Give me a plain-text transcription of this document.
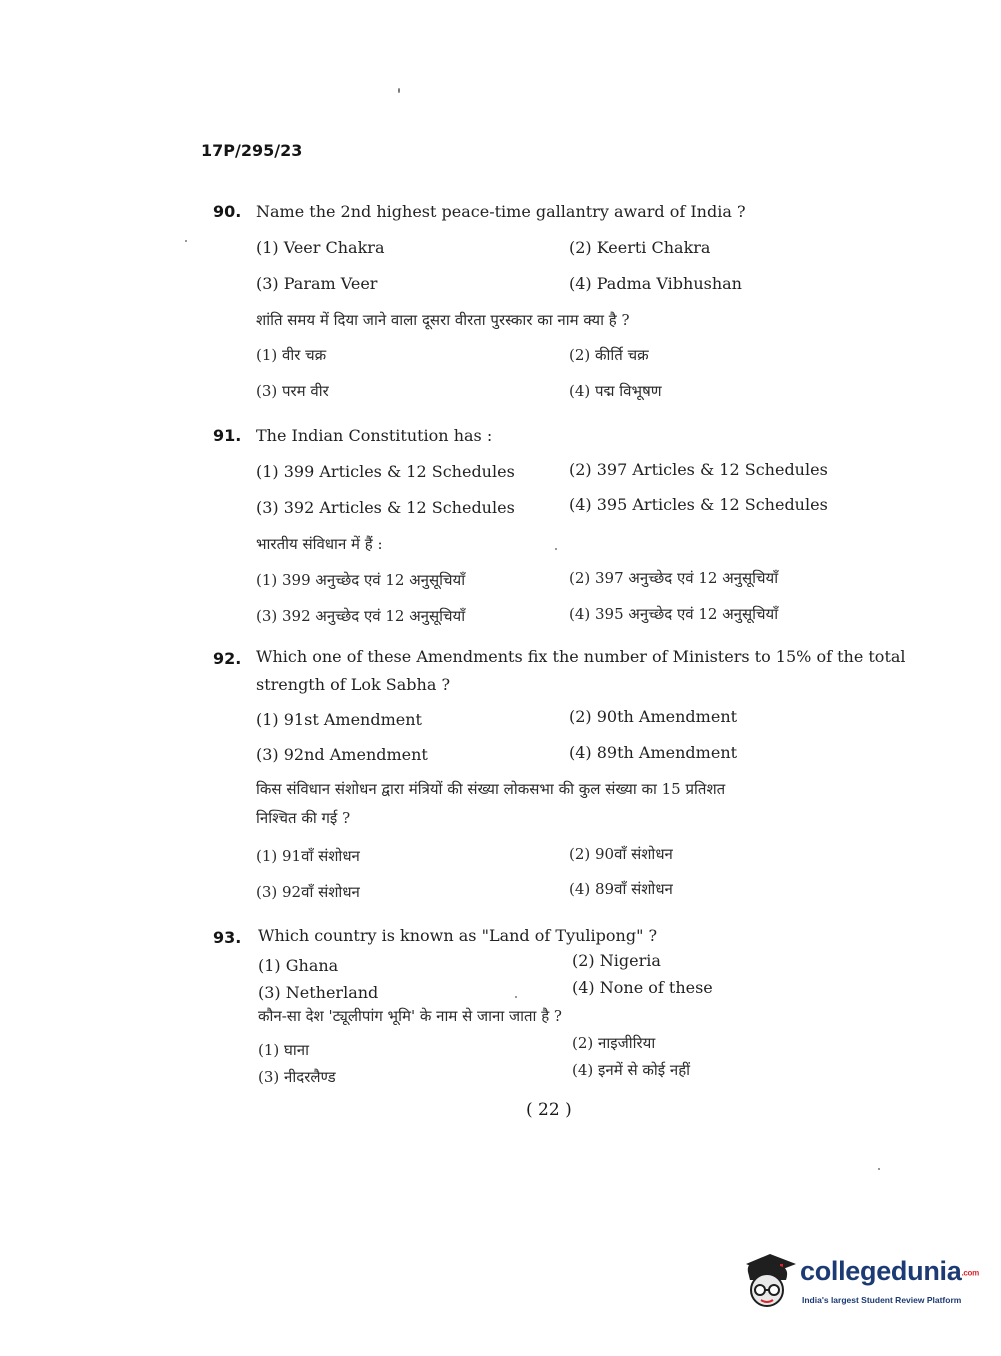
17P/295/23
90. Name the 2nd highest peace-time gallantry award of India ?
(1) Veer Chakra	(2) Keerti Chakra
(3) Param Veer	(4) Padma Vibhushan
शांति समय में दिया जाने वाला दूसरा वीरता पुरस्कार का नाम क्या है ?
(1) वीर चक्र	(2) कीर्ति चक्र
(3) परम वीर	(4) पद्म विभूषण
91. The Indian Constitution has :
(1) 399 Articles & 12 Schedules	(2) 397 Articles & 12 Schedules
(3) 392 Articles & 12 Schedules	(4) 395 Articles & 12 Schedules
भारतीय संविधान में हैं :
(1) 399 अनुच्छेद एवं 12 अनुसूचियाँ	(2) 397 अनुच्छेद एवं 12 अनुसूचियाँ
(3) 392 अनुच्छेद एवं 12 अनुसूचियाँ	(4) 395 अनुच्छेद एवं 12 अनुसूचियाँ
92. Which one of these Amendments fix the number of Ministers to 15% of the total
strength of Lok Sabha ?
(1) 91st Amendment	(2) 90th Amendment
(3) 92nd Amendment	(4) 89th Amendment
किस संविधान संशोधन द्वारा मंत्रियों की संख्या लोकसभा की कुल संख्या का 15 प्रतिशत
निश्चित की गई ?
(1) 91वाँ संशोधन	(2) 90वाँ संशोधन
(3) 92वाँ संशोधन	(4) 89वाँ संशोधन
93. Which country is known as "Land of Tyulipong" ?
(1) Ghana	(2) Nigeria
(3) Netherland	(4) None of these
कौन-सा देश 'ट्यूलीपांग भूमि' के नाम से जाना जाता है ?
(1) घाना	(2) नाइजीरिया
(3) नीदरलैण्ड	(4) इनमें से कोई नहीं
( 22 )
collegedunia.com
India's largest Student Review Platform
